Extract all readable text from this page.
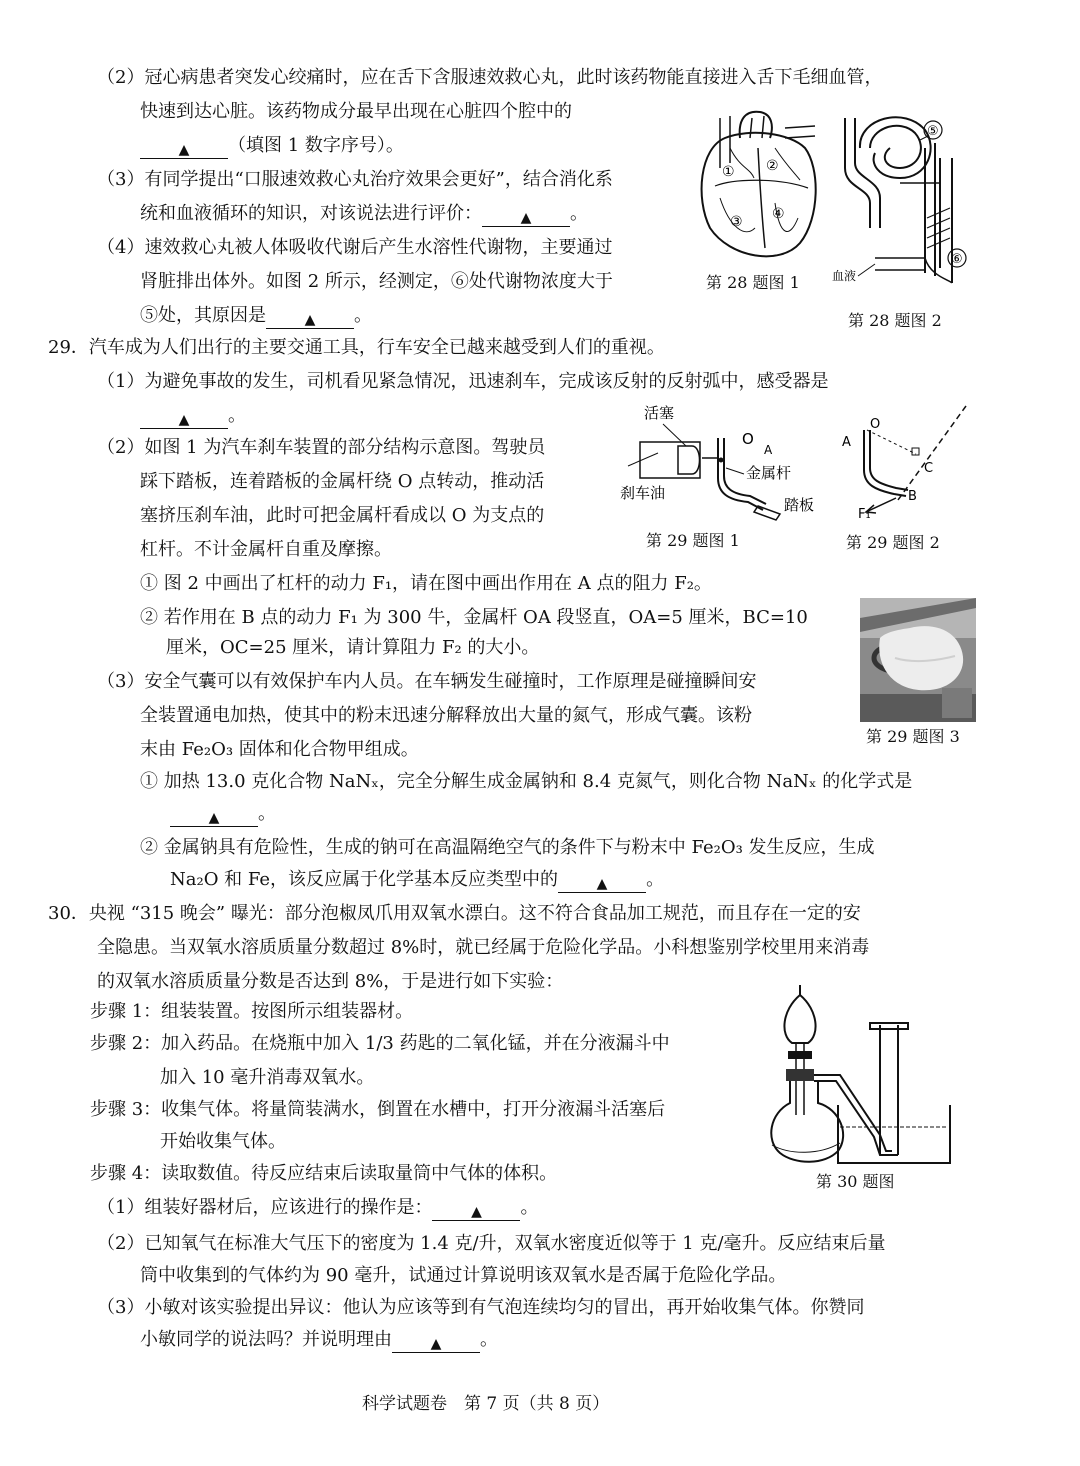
（2）冠心病患者突发心绞痛时，应在舌下含服速效救心丸，此时该药物能直接进入舌下毛细血管，
快速到达心脏。该药物成分最早出现在心脏四个腔中的
▲ （填图 1 数字序号）。
（3）有同学提出“口服速效救心丸治疗效果会更好”，结合消化系
统和血液循环的知识，对该说法进行评价：	▲ 。
（4）速效救心丸被人体吸收代谢后产生水溶性代谢物，主要通过
肾脏排出体外。如图 2 所示，经测定，⑥处代谢物浓度大于
⑤处，其原因是	▲ 。
① ②
③ ④
第 28 题图 1
⑤
⑥
血液
第 28 题图 2
29．汽车成为人们出行的主要交通工具，行车安全已越来越受到人们的重视。
（1）为避免事故的发生，司机看见紧急情况，迅速刹车，完成该反射的反射弧中，感受器是
▲ 。
（2）如图 1 为汽车刹车装置的部分结构示意图。驾驶员
踩下踏板，连着踏板的金属杆绕 O 点转动，推动活
塞挤压刹车油，此时可把金属杆看成以 O 为支点的
杠杆。不计金属杆自重及摩擦。
① 图 2 中画出了杠杆的动力 F₁，请在图中画出作用在 A 点的阻力 F₂。
② 若作用在 B 点的动力 F₁ 为 300 牛，金属杆 OA 段竖直，OA=5 厘米，BC=10
厘米，OC=25 厘米，请计算阻力 F₂ 的大小。
（3）安全气囊可以有效保护车内人员。在车辆发生碰撞时，工作原理是碰撞瞬间安
全装置通电加热，使其中的粉末迅速分解释放出大量的氮气，形成气囊。该粉
末由 Fe₂O₃ 固体和化合物甲组成。
① 加热 13.0 克化合物 NaNₓ，完全分解生成金属钠和 8.4 克氮气，则化合物 NaNₓ 的化学式是
▲ 。
② 金属钠具有危险性，生成的钠可在高温隔绝空气的条件下与粉末中 Fe₂O₃ 发生反应，生成
Na₂O 和 Fe，该反应属于化学基本反应类型中的	▲ 。
活塞
刹车油
O
A
金属杆
踏板
第 29 题图 1
A
O
C
B
F₁
第 29 题图 2
第 29 题图 3
30．央视 “315 晚会” 曝光：部分泡椒凤爪用双氧水漂白。这不符合食品加工规范，而且存在一定的安
全隐患。当双氧水溶质质量分数超过 8%时，就已经属于危险化学品。小科想鉴别学校里用来消毒
的双氧水溶质质量分数是否达到 8%，于是进行如下实验：
步骤 1：组装装置。按图所示组装器材。
步骤 2：加入药品。在烧瓶中加入 1/3 药匙的二氧化锰，并在分液漏斗中
加入 10 毫升消毒双氧水。
步骤 3：收集气体。将量筒装满水，倒置在水槽中，打开分液漏斗活塞后
开始收集气体。
步骤 4：读取数值。待反应结束后读取量筒中气体的体积。
（1）组装好器材后，应该进行的操作是：	▲ 。
（2）已知氧气在标准大气压下的密度为 1.4 克/升，双氧水密度近似等于 1 克/毫升。反应结束后量
筒中收集到的气体约为 90 毫升，试通过计算说明该双氧水是否属于危险化学品。
（3）小敏对该实验提出异议：他认为应该等到有气泡连续均匀的冒出，再开始收集气体。你赞同
小敏同学的说法吗？并说明理由	▲ 。
第 30 题图
科学试题卷　第 7 页（共 8 页）
